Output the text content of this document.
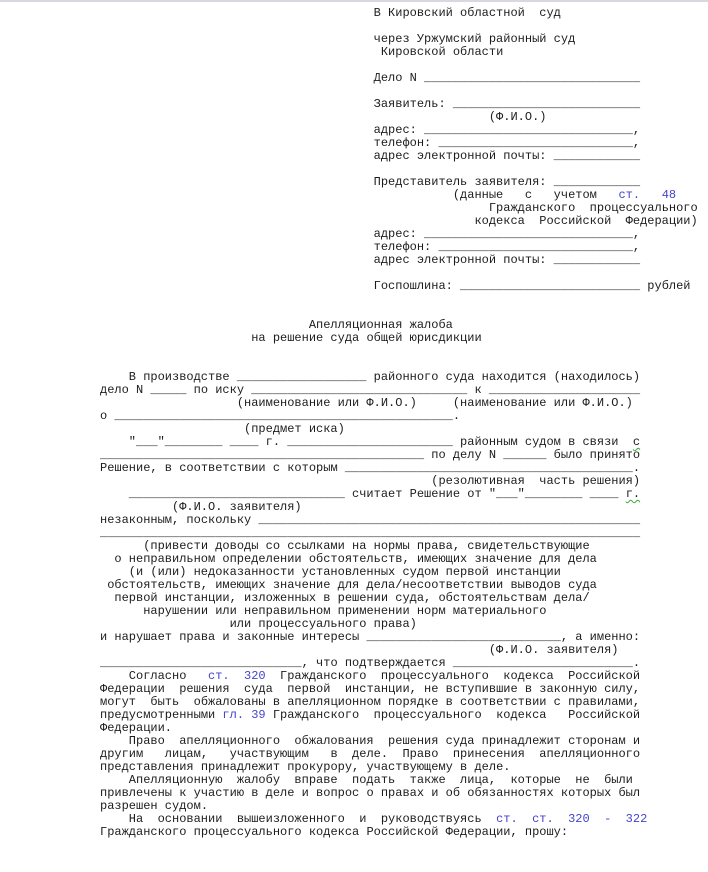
В Кировский областной  суд
через Уржумский районный суд
Кировской области
Дело N ______________________________
Заявитель: __________________________
(Ф.И.О.)
адрес: _____________________________,
телефон: ___________________________,
адрес электронной почты: ____________
Представитель заявителя: ____________
(данные   с   учетом   ст.   48
Гражданского  процессуального
кодекса  Российской  Федерации)
адрес: _____________________________,
телефон: ___________________________,
адрес электронной почты: ____________
Госпошлина: _________________________ рублей
Апелляционная жалоба
на решение суда общей юрисдикции
В производстве __________________ районного суда находится (находилось)
дело N _____ по иску ______________________________ к _____________________
(наименование или Ф.И.О.)     (наименование или Ф.И.О.)
о _______________________________________________.
(предмет иска)
"___"________ ____ г. _______________________ районным судом в связи  с
_____________________________________________ по делу N ______ было принято
Решение, в соответствии с которым ________________________________________.
(резолютивная  часть решения)
______________________________ считает Решение от "___"________ ____ г.
(Ф.И.О. заявителя)
незаконным, поскольку _____________________________________________________
___________________________________________________________________________
(привести доводы со ссылками на нормы права, свидетельствующие
о неправильном определении обстоятельств, имеющих значение для дела
(и (или) недоказанности установленных судом первой инстанции
обстоятельств, имеющих значение для дела/несоответствии выводов суда
первой инстанции, изложенных в решении суда, обстоятельствам дела/
нарушении или неправильном применении норм материального
или процессуального права)
и нарушает права и законные интересы ___________________________, а именно:
(Ф.И.О. заявителя)
____________________________, что подтверждается _________________________.
Согласно   ст.  320  Гражданского  процессуального  кодекса  Российской
Федерации  решения  суда  первой  инстанции, не вступившие в законную силу,
могут  быть  обжалованы в апелляционном порядке в соответствии с правилами,
предусмотренными гл. 39 Гражданского  процессуального  кодекса   Российской
Федерации.
Право  апелляционного  обжалования  решения суда принадлежит сторонам и
другим   лицам,   участвующим   в  деле.  Право  принесения  апелляционного
представления принадлежит прокурору, участвующему в деле.
Апелляционную  жалобу  вправе  подать  также  лица,  которые  не  были
привлечены к участию в деле и вопрос о правах и об обязанностях которых был
разрешен судом.
На  основании  вышеизложенного  и  руководствуясь  ст.  ст.  320  -  322
Гражданского процессуального кодекса Российской Федерации, прошу:
